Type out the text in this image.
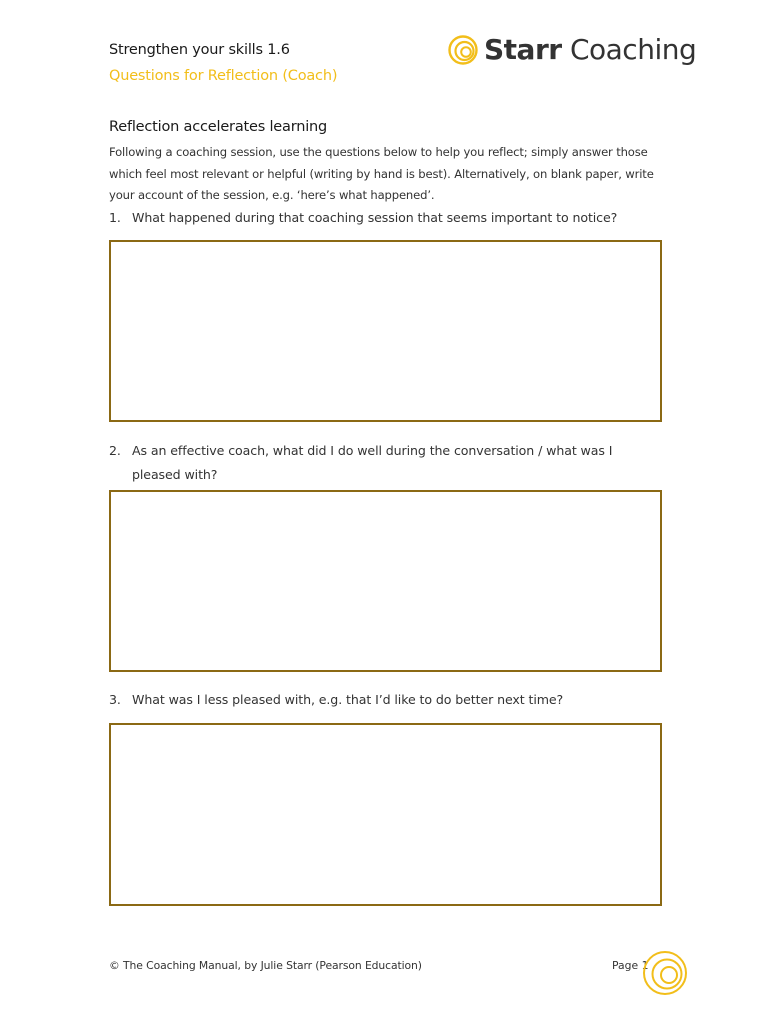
Strengthen your skills 1.6
Questions for Reflection (Coach)
Starr Coaching
Reflection accelerates learning
Following a coaching session, use the questions below to help you reflect; simply answer those which feel most relevant or helpful (writing by hand is best). Alternatively, on blank paper, write your account of the session, e.g. ‘here’s what happened’.
1. What happened during that coaching session that seems important to notice?
2. As an effective coach, what did I do well during the conversation / what was I pleased with?
3. What was I less pleased with, e.g. that I’d like to do better next time?
© The Coaching Manual, by Julie Starr (Pearson Education)	Page 1
